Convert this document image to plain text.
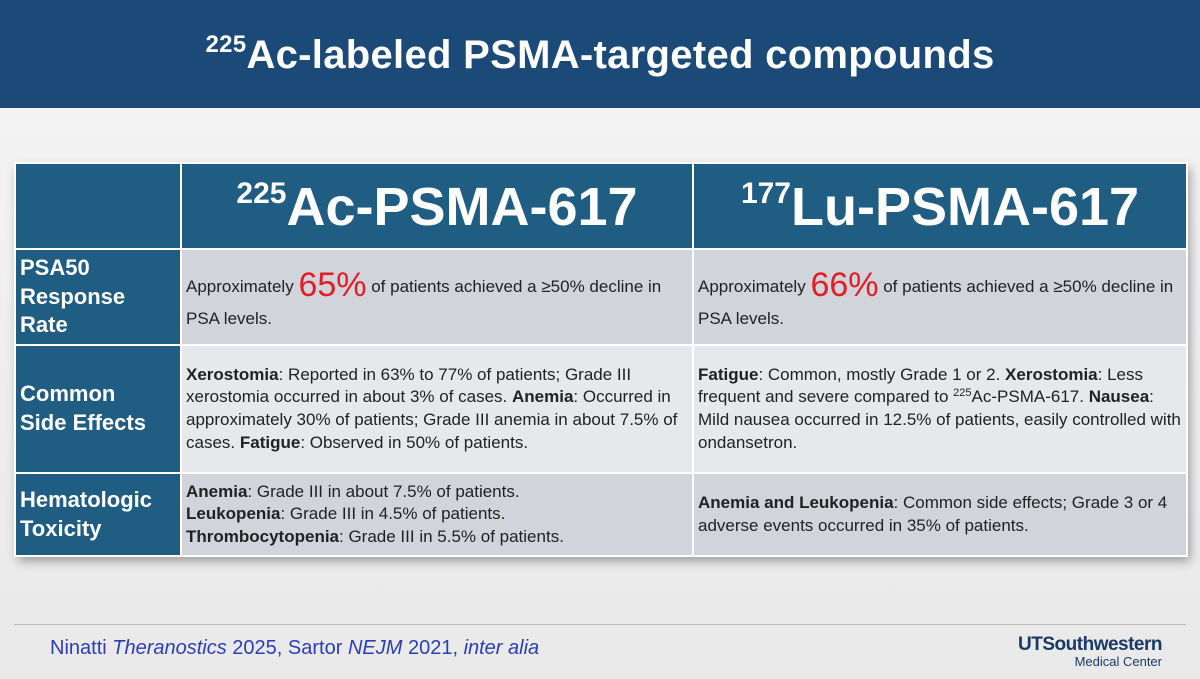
$^{225}$Ac-labeled PSMA-targeted compounds
	$^{225}$Ac-PSMA-617	$^{177}$Lu-PSMA-617
PSA50
Response
Rate	Approximately 65% of patients achieved a ≥50% decline in PSA levels.	Approximately 66% of patients achieved a ≥50% decline in PSA levels.
Common
Side Effects	Xerostomia: Reported in 63% to 77% of patients; Grade III xerostomia occurred in about 3% of cases. Anemia: Occurred in approximately 30% of patients; Grade III anemia in about 7.5% of cases. Fatigue: Observed in 50% of patients.	Fatigue: Common, mostly Grade 1 or 2. Xerostomia: Less frequent and severe compared to $^{225}$Ac-PSMA-617. Nausea: Mild nausea occurred in 12.5% of patients, easily controlled with ondansetron.
Hematologic
Toxicity	Anemia: Grade III in about 7.5% of patients.
Leukopenia: Grade III in 4.5% of patients.
Thrombocytopenia: Grade III in 5.5% of patients.	Anemia and Leukopenia: Common side effects; Grade 3 or 4 adverse events occurred in 35% of patients.
Ninatti Theranostics 2025, Sartor NEJM 2021, inter alia	UTSouthwestern
Medical Center
